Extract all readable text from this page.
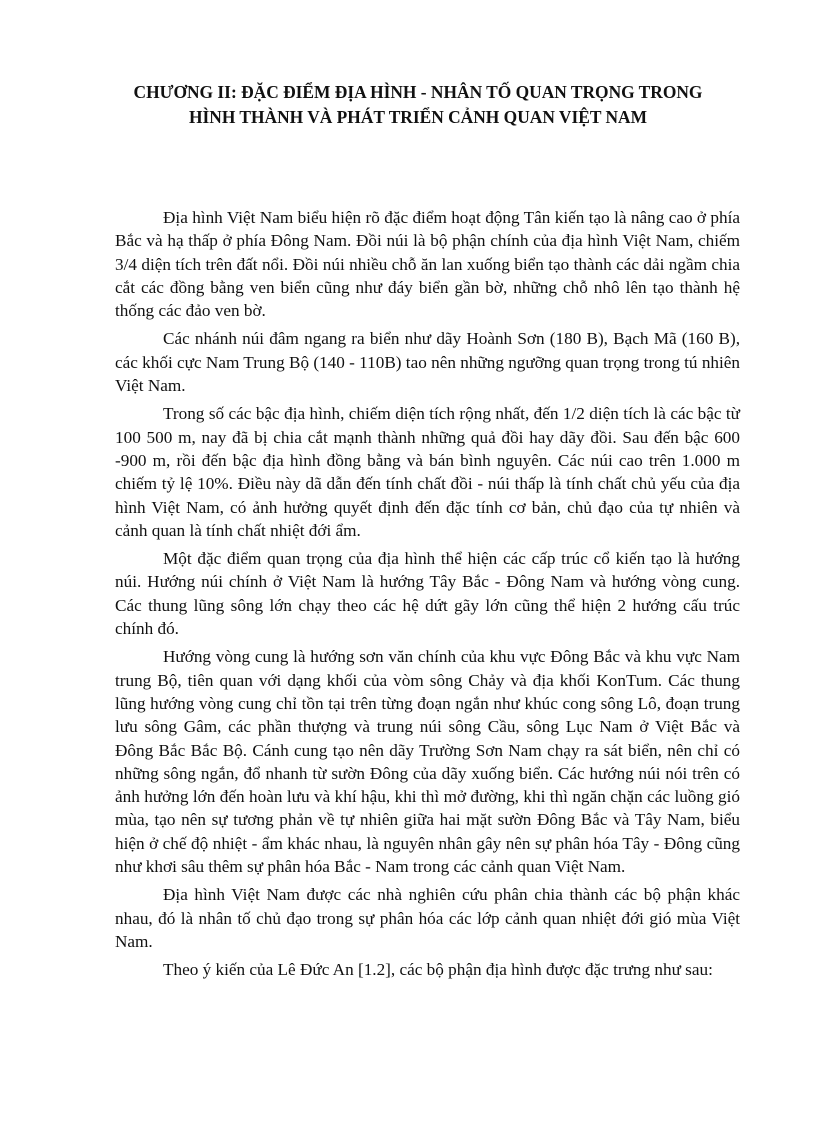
CHƯƠNG II: ĐẶC ĐIỂM ĐỊA HÌNH - NHÂN TỐ QUAN TRỌNG TRONG
HÌNH THÀNH VÀ PHÁT TRIỂN CẢNH QUAN VIỆT NAM

Địa hình Việt Nam biểu hiện rõ đặc điểm hoạt động Tân kiến tạo là nâng cao ở phía Bắc và hạ thấp ở phía Đông Nam. Đồi núi là bộ phận chính của địa hình Việt Nam, chiếm 3/4 diện tích trên đất nổi. Đồi núi nhiều chỗ ăn lan xuống biển tạo thành các dải ngầm chia cắt các đồng bằng ven biển cũng như đáy biển gần bờ, những chỗ nhô lên tạo thành hệ thống các đảo ven bờ.

Các nhánh núi đâm ngang ra biển như dãy Hoành Sơn (180 B), Bạch Mã (160 B), các khối cực Nam Trung Bộ (140 - 110B) tao nên những ngưỡng quan trọng trong tú nhiên Việt Nam.

Trong số các bậc địa hình, chiếm diện tích rộng nhất, đến 1/2 diện tích là các bậc từ 100 500 m, nay đã bị chia cắt mạnh thành những quả đồi hay dãy đồi. Sau đến bậc 600 -900 m, rồi đến bậc địa hình đồng bằng và bán bình nguyên. Các núi cao trên 1.000 m chiếm tỷ lệ 10%. Điều này dã dẫn đến tính chất đồi - núi thấp là tính chất chủ yếu của địa hình Việt Nam, có ảnh hưởng quyết định đến đặc tính cơ bản, chủ đạo của tự nhiên và cảnh quan là tính chất nhiệt đới ẩm.

Một đặc điểm quan trọng của địa hình thể hiện các cấp trúc cổ kiến tạo là hướng núi. Hướng núi chính ở Việt Nam là hướng Tây Bắc - Đông Nam và hướng vòng cung. Các thung lũng sông lớn chạy theo các hệ dứt gãy lớn cũng thể hiện 2 hướng cấu trúc chính đó.

Hướng vòng cung là hướng sơn văn chính của khu vực Đông Bắc và khu vực Nam trung Bộ, tiên quan với dạng khối của vòm sông Chảy và địa khối KonTum. Các thung lũng hướng vòng cung chỉ tồn tại trên từng đoạn ngắn như khúc cong sông Lô, đoạn trung lưu sông Gâm, các phần thượng và trung núi sông Cầu, sông Lục Nam ở Việt Bắc và Đông Bắc Bắc Bộ. Cánh cung tạo nên dãy Trường Sơn Nam chạy ra sát biển, nên chỉ có những sông ngắn, đổ nhanh từ sườn Đông của dãy xuống biển. Các hướng núi nói trên có ảnh hưởng lớn đến hoàn lưu và khí hậu, khi thì mở đường, khi thì ngăn chặn các luồng gió mùa, tạo nên sự tương phản về tự nhiên giữa hai mặt sườn Đông Bắc và Tây Nam, biểu hiện ở chế độ nhiệt - ẩm khác nhau, là nguyên nhân gây nên sự phân hóa Tây - Đông cũng như khơi sâu thêm sự phân hóa Bắc - Nam trong các cảnh quan Việt Nam.

Địa hình Việt Nam được các nhà nghiên cứu phân chia thành các bộ phận khác nhau, đó là nhân tố chủ đạo trong sự phân hóa các lớp cảnh quan nhiệt đới gió mùa Việt Nam.

Theo ý kiến của Lê Đức An [1.2], các bộ phận địa hình được đặc trưng như sau:
